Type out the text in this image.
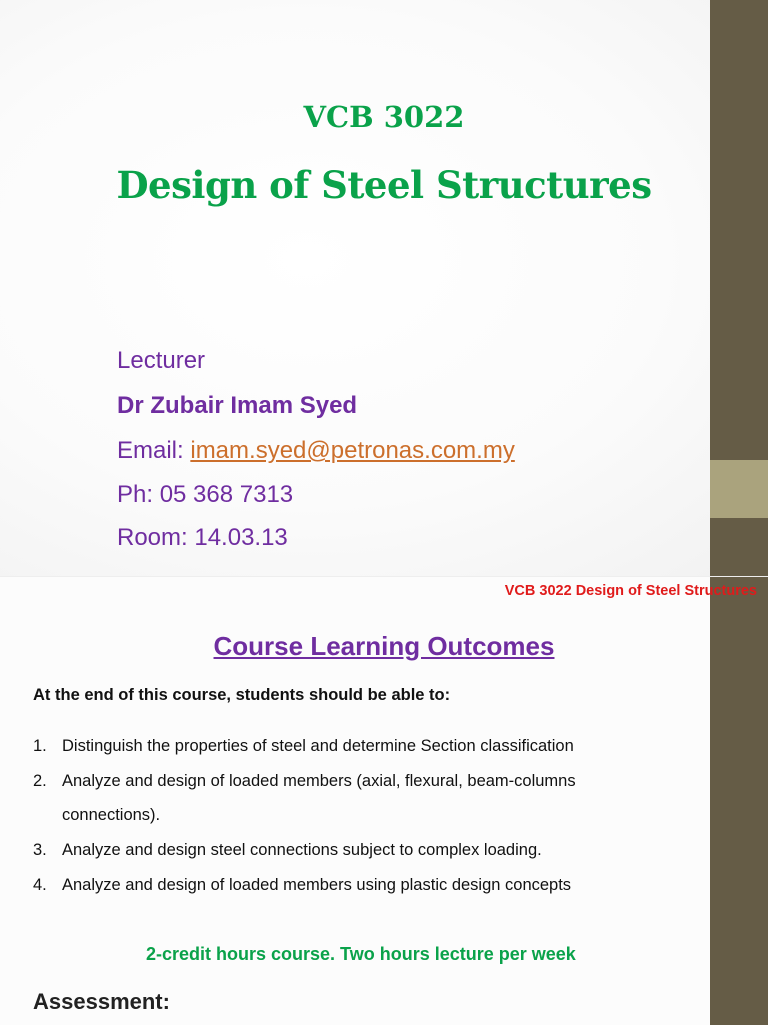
VCB 3022
Design of Steel Structures

Lecturer

Dr Zubair Imam Syed

Email: imam.syed@petronas.com.my

Ph: 05 368 7313

Room: 14.03.13

VCB 3022 Design of Steel Structures

Course Learning Outcomes

At the end of this course, students should be able to:

1. Distinguish the properties of steel and determine Section classification

2. Analyze and design of loaded members (axial, flexural, beam-columns

connections).

3. Analyze and design steel connections subject to complex loading.

4. Analyze and design of loaded members using plastic design concepts

2-credit hours course. Two hours lecture per week

Assessment:
